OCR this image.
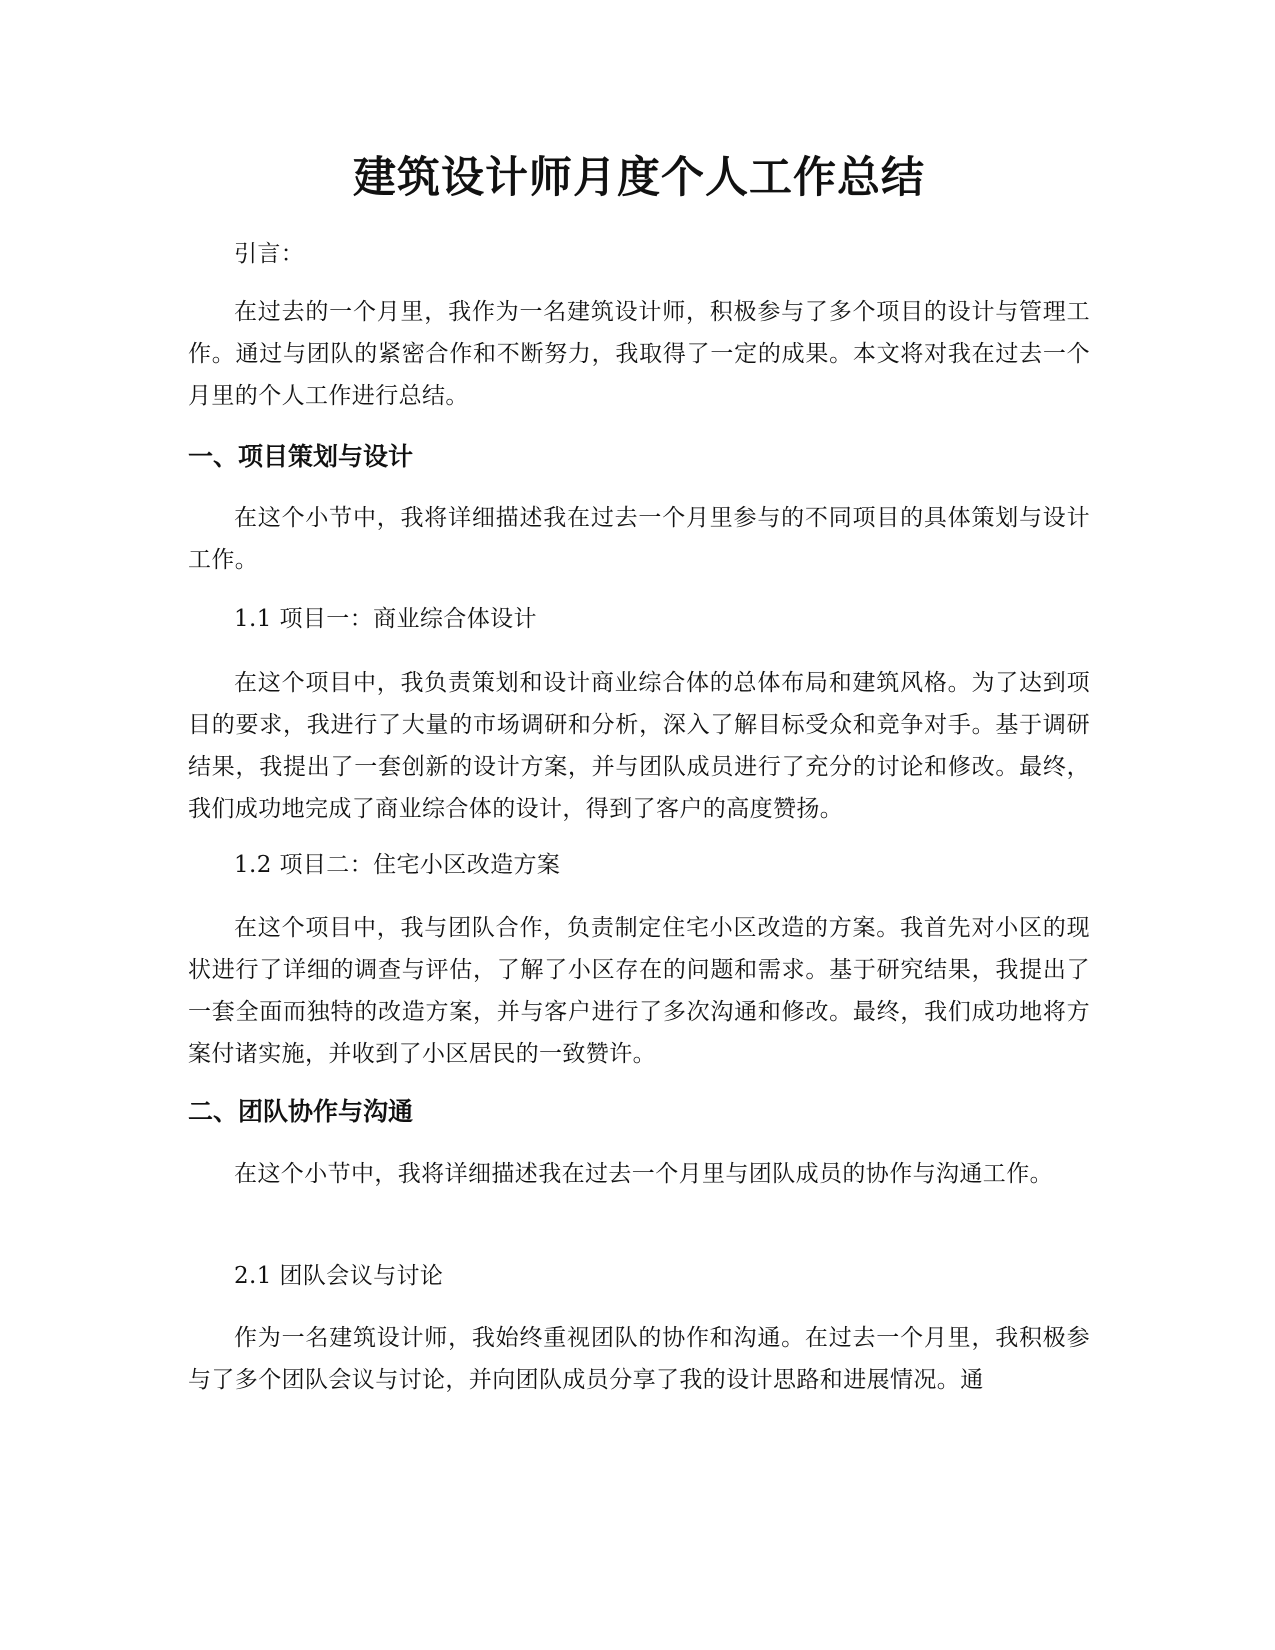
建筑设计师月度个人工作总结

引言：

在过去的一个月里，我作为一名建筑设计师，积极参与了多个项目的设计与管理工作。通过与团队的紧密合作和不断努力，我取得了一定的成果。本文将对我在过去一个月里的个人工作进行总结。

一、项目策划与设计

在这个小节中，我将详细描述我在过去一个月里参与的不同项目的具体策划与设计工作。

1.1 项目一：商业综合体设计

在这个项目中，我负责策划和设计商业综合体的总体布局和建筑风格。为了达到项目的要求，我进行了大量的市场调研和分析，深入了解目标受众和竞争对手。基于调研结果，我提出了一套创新的设计方案，并与团队成员进行了充分的讨论和修改。最终，我们成功地完成了商业综合体的设计，得到了客户的高度赞扬。

1.2 项目二：住宅小区改造方案

在这个项目中，我与团队合作，负责制定住宅小区改造的方案。我首先对小区的现状进行了详细的调查与评估，了解了小区存在的问题和需求。基于研究结果，我提出了一套全面而独特的改造方案，并与客户进行了多次沟通和修改。最终，我们成功地将方案付诸实施，并收到了小区居民的一致赞许。

二、团队协作与沟通

在这个小节中，我将详细描述我在过去一个月里与团队成员的协作与沟通工作。

2.1 团队会议与讨论

作为一名建筑设计师，我始终重视团队的协作和沟通。在过去一个月里，我积极参与了多个团队会议与讨论，并向团队成员分享了我的设计思路和进展情况。通
